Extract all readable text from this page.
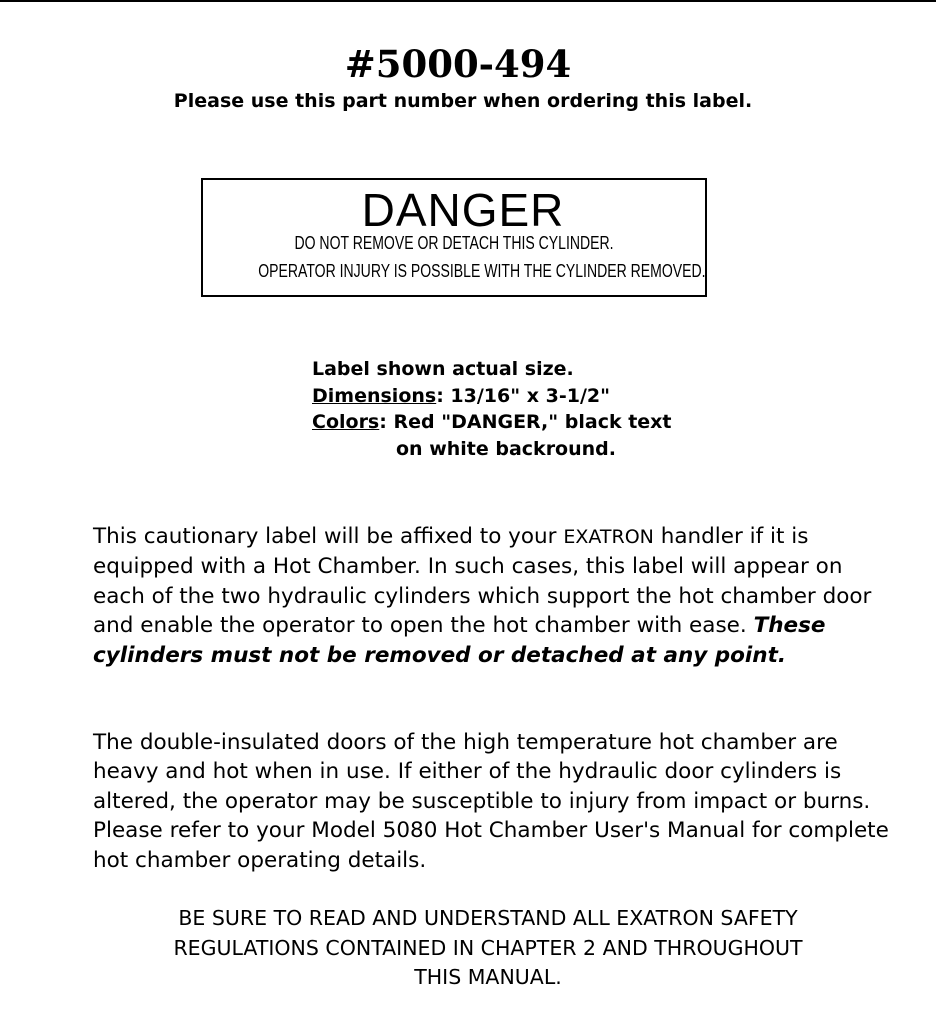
#5000-494
Please use this part number when ordering this label.
DANGER
DO NOT REMOVE OR DETACH THIS CYLINDER.
OPERATOR INJURY IS POSSIBLE WITH THE CYLINDER REMOVED.
Label shown actual size.
Dimensions: 13/16" x 3-1/2"
Colors: Red "DANGER," black text
on white backround.
This cautionary label will be affixed to your EXATRON handler if it is equipped with a Hot Chamber. In such cases, this label will appear on each of the two hydraulic cylinders which support the hot chamber door and enable the operator to open the hot chamber with ease. These cylinders must not be removed or detached at any point.
The double-insulated doors of the high temperature hot chamber are heavy and hot when in use. If either of the hydraulic door cylinders is altered, the operator may be susceptible to injury from impact or burns. Please refer to your Model 5080 Hot Chamber User's Manual for complete hot chamber operating details.
BE SURE TO READ AND UNDERSTAND ALL EXATRON SAFETY
REGULATIONS CONTAINED IN CHAPTER 2 AND THROUGHOUT
THIS MANUAL.
